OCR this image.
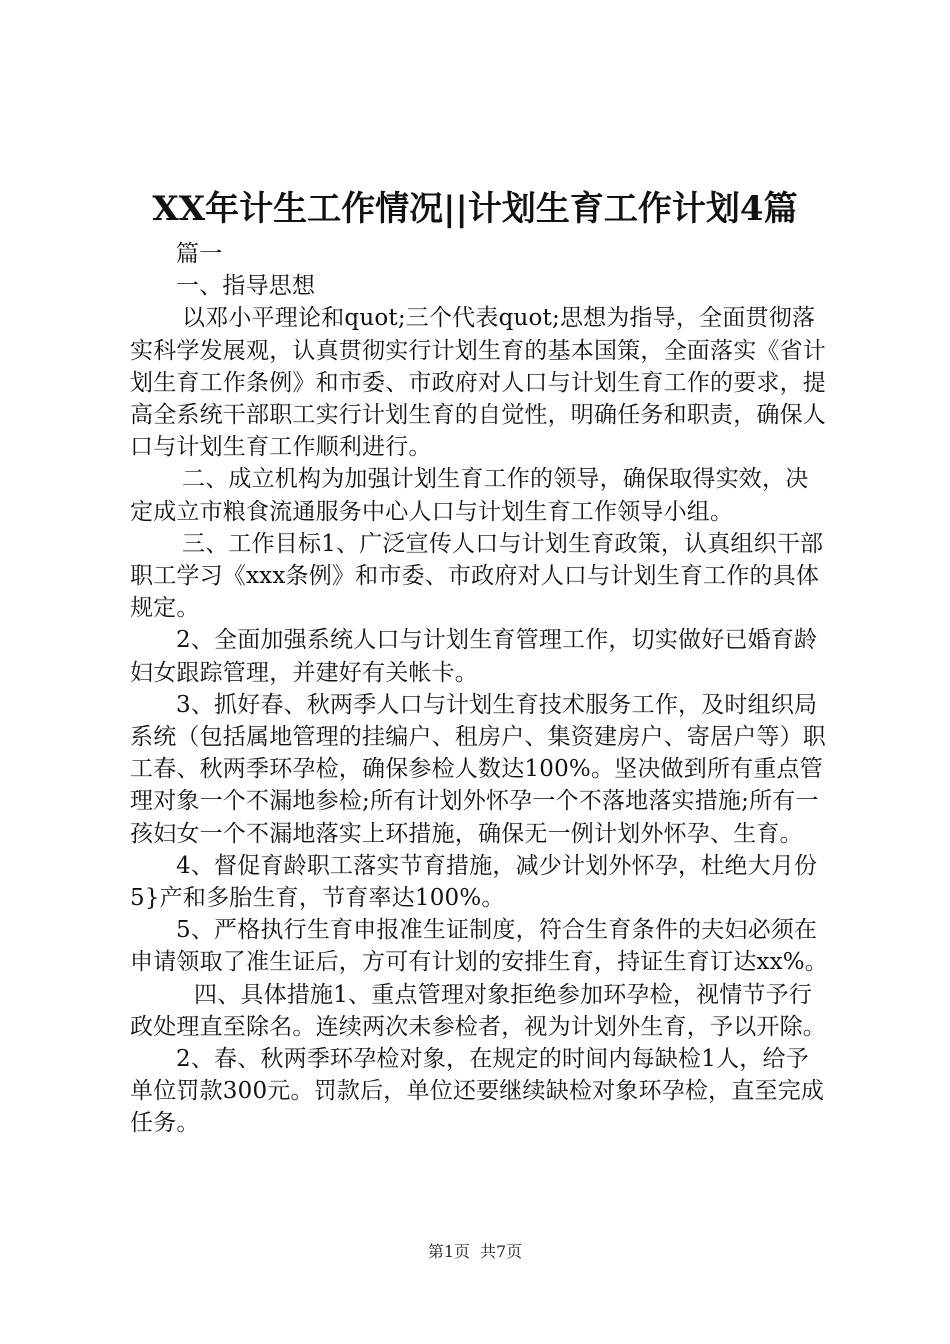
XX年计生工作情况||计划生育工作计划4篇

篇一

一、指导思想

以邓小平理论和quot;三个代表quot;思想为指导，全面贯彻落实科学发展观，认真贯彻实行计划生育的基本国策，全面落实《省计划生育工作条例》和市委、市政府对人口与计划生育工作的要求，提高全系统干部职工实行计划生育的自觉性，明确任务和职责，确保人口与计划生育工作顺利进行。

二、成立机构为加强计划生育工作的领导，确保取得实效，决定成立市粮食流通服务中心人口与计划生育工作领导小组。

三、工作目标1、广泛宣传人口与计划生育政策，认真组织干部职工学习《xxx条例》和市委、市政府对人口与计划生育工作的具体规定。

2、全面加强系统人口与计划生育管理工作，切实做好已婚育龄妇女跟踪管理，并建好有关帐卡。

3、抓好春、秋两季人口与计划生育技术服务工作，及时组织局系统（包括属地管理的挂编户、租房户、集资建房户、寄居户等）职工春、秋两季环孕检，确保参检人数达100%。坚决做到所有重点管理对象一个不漏地参检;所有计划外怀孕一个不落地落实措施;所有一孩妇女一个不漏地落实上环措施，确保无一例计划外怀孕、生育。

4、督促育龄职工落实节育措施，减少计划外怀孕，杜绝大月份5}产和多胎生育，节育率达100%。

5、严格执行生育申报准生证制度，符合生育条件的夫妇必须在申请领取了准生证后，方可有计划的安排生育，持证生育订达xx%。

四、具体措施1、重点管理对象拒绝参加环孕检，视情节予行政处理直至除名。连续两次未参检者，视为计划外生育，予以开除。

2、春、秋两季环孕检对象，在规定的时间内每缺检1人，给予单位罚款300元。罚款后，单位还要继续缺检对象环孕检，直至完成任务。

第1页 共7页
